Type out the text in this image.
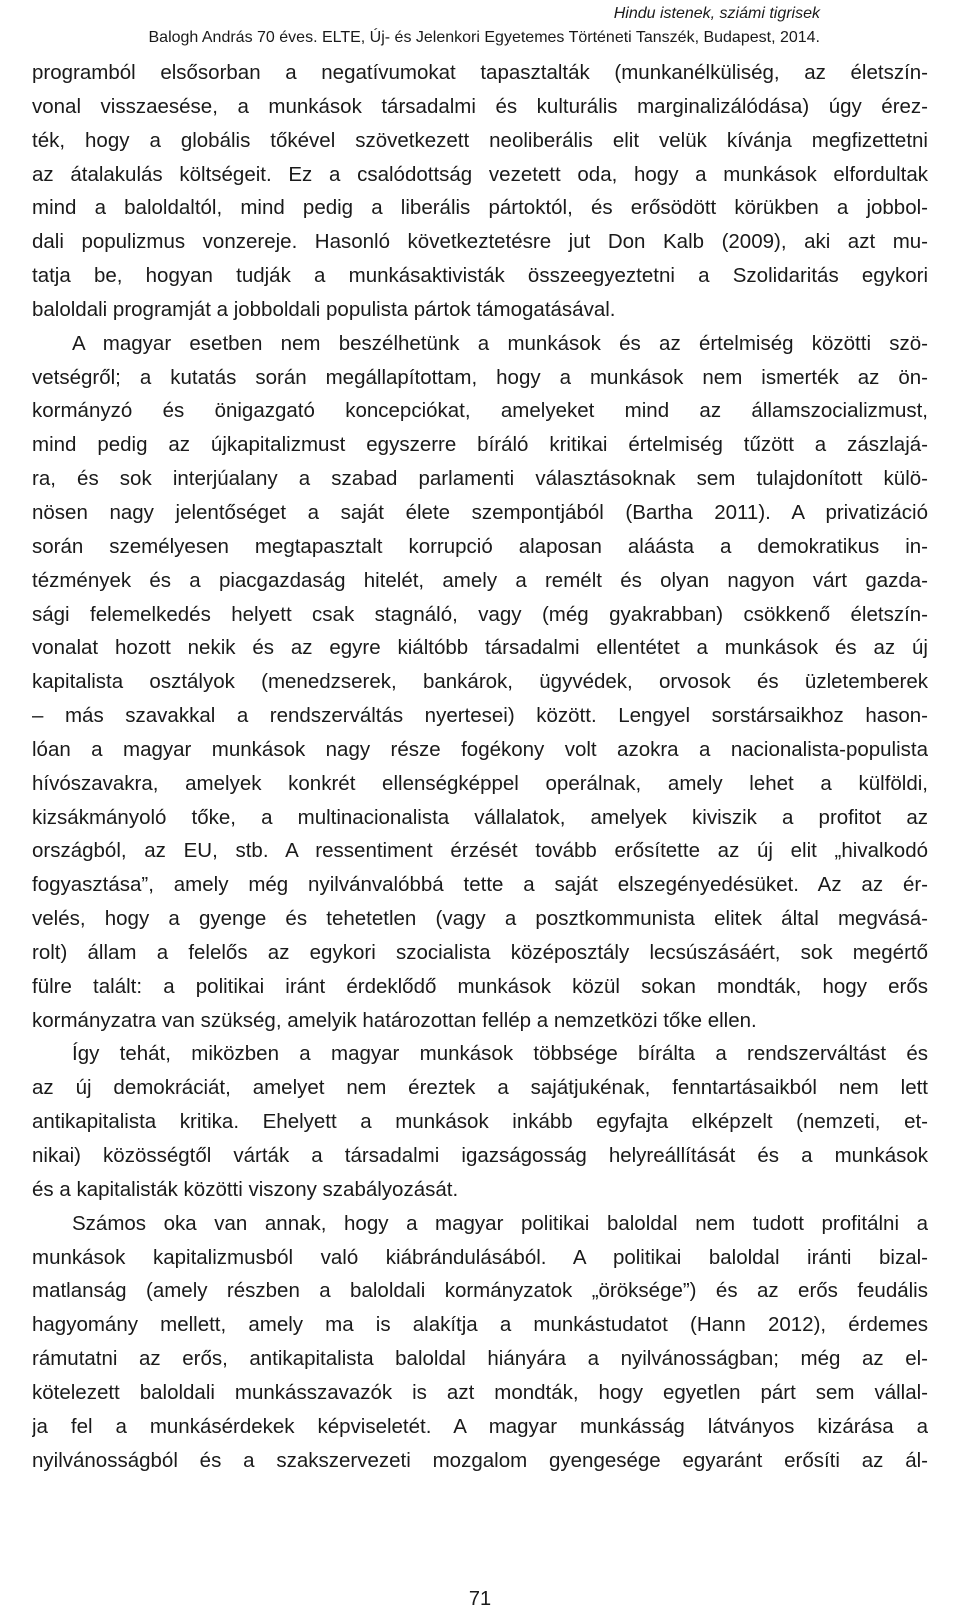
Hindu istenek, sziámi tigrisek
Balogh András 70 éves. ELTE, Új- és Jelenkori Egyetemes Történeti Tanszék, Budapest, 2014.
programból elsősorban a negatívumokat tapasztalták (munkanélküliség, az életszín-
vonal visszaesése, a munkások társadalmi és kulturális marginalizálódása) úgy érez-
ték, hogy a globális tőkével szövetkezett neoliberális elit velük kívánja megfizettetni
az átalakulás költségeit. Ez a csalódottság vezetett oda, hogy a munkások elfordultak
mind a baloldaltól, mind pedig a liberális pártoktól, és erősödött körükben a jobbol-
dali populizmus vonzereje. Hasonló következtetésre jut Don Kalb (2009), aki azt mu-
tatja be, hogyan tudják a munkásaktivisták összeegyeztetni a Szolidaritás egykori
baloldali programját a jobboldali populista pártok támogatásával.
A magyar esetben nem beszélhetünk a munkások és az értelmiség közötti szö-
vetségről; a kutatás során megállapítottam, hogy a munkások nem ismerték az ön-
kormányzó és önigazgató koncepciókat, amelyeket mind az államszocializmust,
mind pedig az újkapitalizmust egyszerre bíráló kritikai értelmiség tűzött a zászlajá-
ra, és sok interjúalany a szabad parlamenti választásoknak sem tulajdonított külö-
nösen nagy jelentőséget a saját élete szempontjából (Bartha 2011). A privatizáció
során személyesen megtapasztalt korrupció alaposan aláásta a demokratikus in-
tézmények és a piacgazdaság hitelét, amely a remélt és olyan nagyon várt gazda-
sági felemelkedés helyett csak stagnáló, vagy (még gyakrabban) csökkenő életszín-
vonalat hozott nekik és az egyre kiáltóbb társadalmi ellentétet a munkások és az új
kapitalista osztályok (menedzserek, bankárok, ügyvédek, orvosok és üzletemberek
– más szavakkal a rendszerváltás nyertesei) között. Lengyel sorstársaikhoz hason-
lóan a magyar munkások nagy része fogékony volt azokra a nacionalista-populista
hívószavakra, amelyek konkrét ellenségképpel operálnak, amely lehet a külföldi,
kizsákmányoló tőke, a multinacionalista vállalatok, amelyek kiviszik a profitot az
országból, az EU, stb. A ressentiment érzését tovább erősítette az új elit „hivalkodó
fogyasztása”, amely még nyilvánvalóbbá tette a saját elszegényedésüket. Az az ér-
velés, hogy a gyenge és tehetetlen (vagy a posztkommunista elitek által megvásá-
rolt) állam a felelős az egykori szocialista középosztály lecsúszásáért, sok megértő
fülre talált: a politikai iránt érdeklődő munkások közül sokan mondták, hogy erős
kormányzatra van szükség, amelyik határozottan fellép a nemzetközi tőke ellen.
Így tehát, miközben a magyar munkások többsége bírálta a rendszerváltást és
az új demokráciát, amelyet nem éreztek a sajátjukénak, fenntartásaikból nem lett
antikapitalista kritika. Ehelyett a munkások inkább egyfajta elképzelt (nemzeti, et-
nikai) közösségtől várták a társadalmi igazságosság helyreállítását és a munkások
és a kapitalisták közötti viszony szabályozását.
Számos oka van annak, hogy a magyar politikai baloldal nem tudott profitálni a
munkások kapitalizmusból való kiábrándulásából. A politikai baloldal iránti bizal-
matlanság (amely részben a baloldali kormányzatok „öröksége”) és az erős feudális
hagyomány mellett, amely ma is alakítja a munkástudatot (Hann 2012), érdemes
rámutatni az erős, antikapitalista baloldal hiányára a nyilvánosságban; még az el-
kötelezett baloldali munkásszavazók is azt mondták, hogy egyetlen párt sem vállal-
ja fel a munkásérdekek képviseletét. A magyar munkásság látványos kizárása a
nyilvánosságból és a szakszervezeti mozgalom gyengesége egyaránt erősíti az ál-
71
